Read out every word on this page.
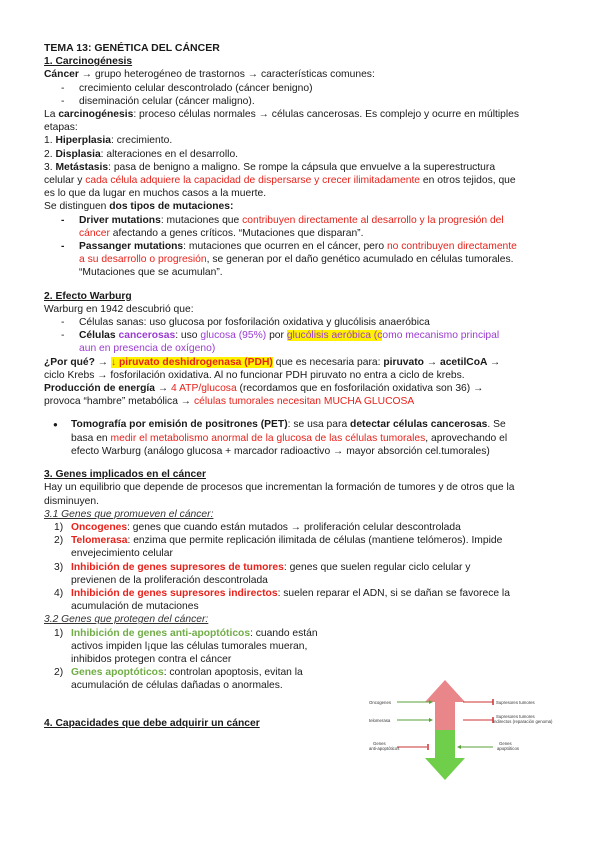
TEMA 13: GENÉTICA DEL CÁNCER
1. Carcinogénesis
Cáncer → grupo heterogéneo de trastornos → características comunes:
- crecimiento celular descontrolado (cáncer benigno)
- diseminación celular (cáncer maligno).
La carcinogénesis: proceso células normales → células cancerosas. Es complejo y ocurre en múltiples
etapas:
1. Hiperplasia: crecimiento.
2. Displasia: alteraciones en el desarrollo.
3. Metástasis: pasa de benigno a maligno. Se rompe la cápsula que envuelve a la superestructura
celular y cada célula adquiere la capacidad de dispersarse y crecer ilimitadamente en otros tejidos, que
es lo que da lugar en muchos casos a la muerte.
Se distinguen dos tipos de mutaciones:
- Driver mutations: mutaciones que contribuyen directamente al desarrollo y la progresión del
cáncer afectando a genes críticos. “Mutaciones que disparan”.
- Passanger mutations: mutaciones que ocurren en el cáncer, pero no contribuyen directamente
a su desarrollo o progresión, se generan por el daño genético acumulado en células tumorales.
“Mutaciones que se acumulan”.
2. Efecto Warburg
Warburg en 1942 descubrió que:
- Células sanas: uso glucosa por fosforilación oxidativa y glucólisis anaeróbica
- Células cancerosas: uso glucosa (95%) por glucólisis aeróbica (como mecanismo principal
aun en presencia de oxígeno)
¿Por qué? → ↓ piruvato deshidrogenasa (PDH) que es necesaria para: piruvato → acetilCoA →
ciclo Krebs → fosforilación oxidativa. Al no funcionar PDH piruvato no entra a ciclo de krebs.
Producción de energía → 4 ATP/glucosa (recordamos que en fosforilación oxidativa son 36) →
provoca “hambre” metabólica → células tumorales necesitan MUCHA GLUCOSA
● Tomografía por emisión de positrones (PET): se usa para detectar células cancerosas. Se
basa en medir el metabolismo anormal de la glucosa de las células tumorales, aprovechando el
efecto Warburg (análogo glucosa + marcador radioactivo → mayor absorción cel.tumorales)
3. Genes implicados en el cáncer
Hay un equilibrio que depende de procesos que incrementan la formación de tumores y de otros que la
disminuyen.
3.1 Genes que promueven el cáncer:
1) Oncogenes: genes que cuando están mutados → proliferación celular descontrolada
2) Telomerasa: enzima que permite replicación ilimitada de células (mantiene telómeros). Impide
envejecimiento celular
3) Inhibición de genes supresores de tumores: genes que suelen regular ciclo celular y
previenen de la proliferación descontrolada
4) Inhibición de genes supresores indirectos: suelen reparar el ADN, si se dañan se favorece la
acumulación de mutaciones
3.2 Genes que protegen del cáncer:
1) Inhibición de genes anti-apoptóticos: cuando están
activos impiden l¡que las células tumorales mueran,
inhibidos protegen contra el cáncer
2) Genes apoptóticos: controlan apoptosis, evitan la
acumulación de células dañadas o anormales.
4. Capacidades que debe adquirir un cáncer
Oncogenes
telomerasa
Genes
anti-apoptóticos
Supresores tumores
Supresores tumores
indirectos (reparación genoma)
Genes
apoptóticos
